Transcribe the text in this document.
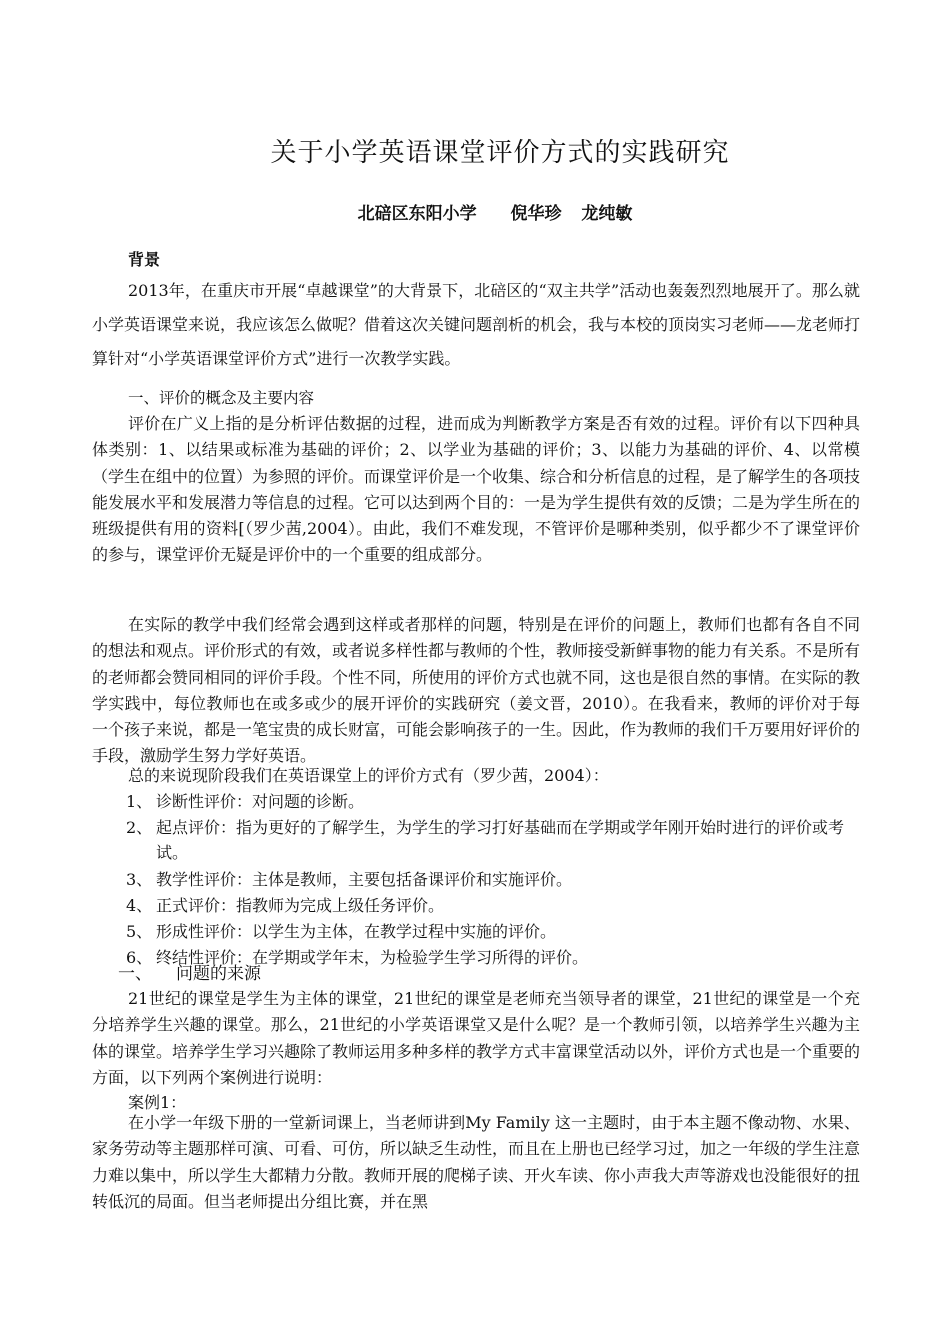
关于小学英语课堂评价方式的实践研究
北碚区东阳小学 倪华珍 龙纯敏
背景
2013年，在重庆市开展“卓越课堂”的大背景下，北碚区的“双主共学”活动也轰轰烈烈地展开了。那么就小学英语课堂来说，我应该怎么做呢？借着这次关键问题剖析的机会，我与本校的顶岗实习老师——龙老师打算针对“小学英语课堂评价方式”进行一次教学实践。
一、评价的概念及主要内容
评价在广义上指的是分析评估数据的过程，进而成为判断教学方案是否有效的过程。评价有以下四种具体类别：1、以结果或标准为基础的评价；2、以学业为基础的评价；3、以能力为基础的评价、4、以常模（学生在组中的位置）为参照的评价。而课堂评价是一个收集、综合和分析信息的过程，是了解学生的各项技能发展水平和发展潜力等信息的过程。它可以达到两个目的：一是为学生提供有效的反馈；二是为学生所在的班级提供有用的资料[（罗少茜,2004）。由此，我们不难发现，不管评价是哪种类别，似乎都少不了课堂评价的参与，课堂评价无疑是评价中的一个重要的组成部分。
在实际的教学中我们经常会遇到这样或者那样的问题，特别是在评价的问题上，教师们也都有各自不同的想法和观点。评价形式的有效，或者说多样性都与教师的个性，教师接受新鲜事物的能力有关系。不是所有的老师都会赞同相同的评价手段。个性不同，所使用的评价方式也就不同，这也是很自然的事情。在实际的教学实践中，每位教师也在或多或少的展开评价的实践研究（姜文晋，2010）。在我看来，教师的评价对于每一个孩子来说，都是一笔宝贵的成长财富，可能会影响孩子的一生。因此，作为教师的我们千万要用好评价的手段，激励学生努力学好英语。
总的来说现阶段我们在英语课堂上的评价方式有（罗少茜，2004）：
1、 诊断性评价：对问题的诊断。
2、 起点评价：指为更好的了解学生，为学生的学习打好基础而在学期或学年刚开始时进行的评价或考试。
3、 教学性评价：主体是教师，主要包括备课评价和实施评价。
4、 正式评价：指教师为完成上级任务评价。
5、 形成性评价：以学生为主体，在教学过程中实施的评价。
6、 终结性评价：在学期或学年末，为检验学生学习所得的评价。
一、 问题的来源
21世纪的课堂是学生为主体的课堂，21世纪的课堂是老师充当领导者的课堂，21世纪的课堂是一个充分培养学生兴趣的课堂。那么，21世纪的小学英语课堂又是什么呢？是一个教师引领，以培养学生兴趣为主体的课堂。培养学生学习兴趣除了教师运用多种多样的教学方式丰富课堂活动以外，评价方式也是一个重要的方面，以下列两个案例进行说明：
案例1：
在小学一年级下册的一堂新词课上，当老师讲到My Family 这一主题时，由于本主题不像动物、水果、家务劳动等主题那样可演、可看、可仿，所以缺乏生动性，而且在上册也已经学习过，加之一年级的学生注意力难以集中，所以学生大都精力分散。教师开展的爬梯子读、开火车读、你小声我大声等游戏也没能很好的扭转低沉的局面。但当老师提出分组比赛，并在黑
